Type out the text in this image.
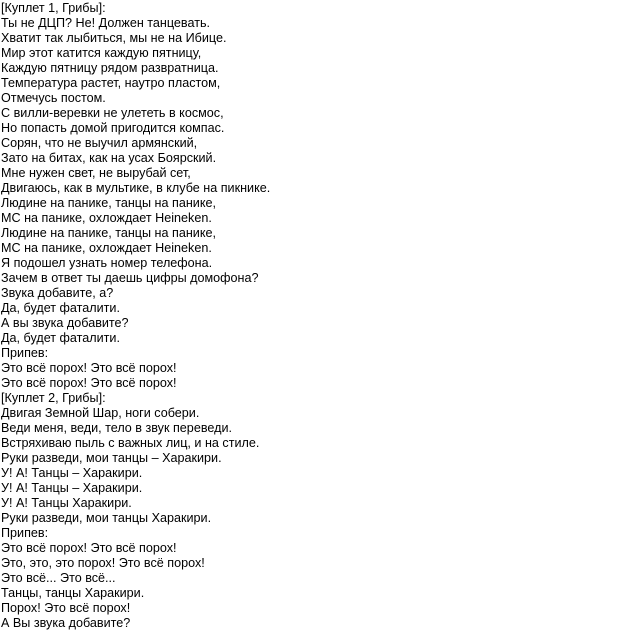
[Куплет 1, Грибы]:
Ты не ДЦП? Не! Должен танцевать.
Хватит так лыбиться, мы не на Ибице.
Мир этот катится каждую пятницу,
Каждую пятницу рядом развратница.
Температура растет, наутро пластом,
Отмечусь постом.
С вилли-веревки не улететь в космос,
Но попасть домой пригодится компас.
Сорян, что не выучил армянский,
Зато на битах, как на усах Боярский.
Мне нужен свет, не вырубай сет,
Двигаюсь, как в мультике, в клубе на пикнике.
Людине на панике, танцы на панике,
МС на панике, охлождает Heineken.
Людине на панике, танцы на панике,
МС на панике, охлождает Heineken.
Я подошел узнать номер телефона.
Зачем в ответ ты даешь цифры домофона?
Звука добавите, а?
Да, будет фаталити.
А вы звука добавите?
Да, будет фаталити.
Припев:
Это всё порох! Это всё порох!
Это всё порох! Это всё порох!
[Куплет 2, Грибы]:
Двигая Земной Шар, ноги собери.
Веди меня, веди, тело в звук переведи.
Встряхиваю пыль с важных лиц, и на стиле.
Руки разведи, мои танцы – Харакири.
У! А! Танцы – Харакири.
У! А! Танцы – Харакири.
У! А! Танцы Харакири.
Руки разведи, мои танцы Харакири.
Припев:
Это всё порох! Это всё порох!
Это, это, это порох! Это всё порох!
Это всё... Это всё...
Танцы, танцы Харакири.
Порох! Это всё порох!
А Вы звука добавите?
